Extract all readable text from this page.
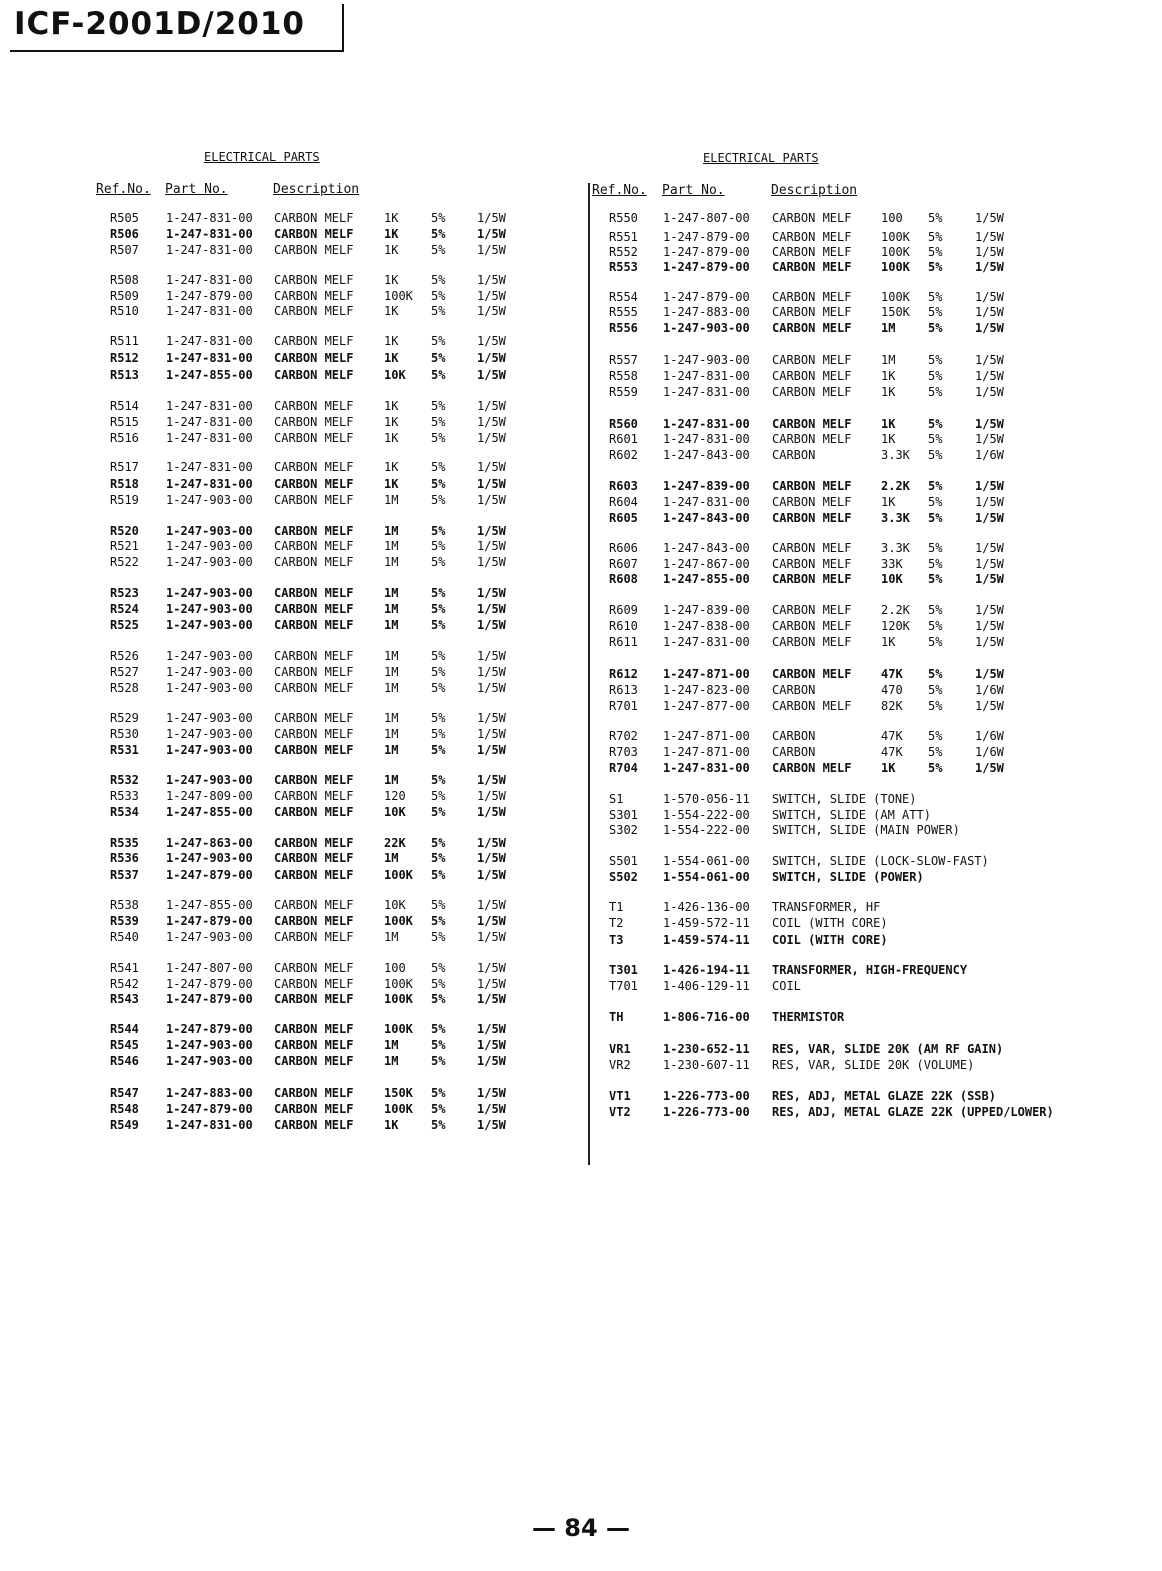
ICF-2001D/2010
ELECTRICAL PARTS
Ref.No. Part No.	Description
R505 1-247-831-00 CARBON MELF	1K	5%	1/5W
R506 1-247-831-00 CARBON MELF	1K	5%	1/5W
R507 1-247-831-00 CARBON MELF	1K	5%	1/5W
R508 1-247-831-00 CARBON MELF	1K	5%	1/5W
R509 1-247-879-00 CARBON MELF	100K 5%	1/5W
R510 1-247-831-00 CARBON MELF	1K	5%	1/5W
R511 1-247-831-00 CARBON MELF	1K	5%	1/5W
R512 1-247-831-00 CARBON MELF	1K	5%	1/5W
R513 1-247-855-00 CARBON MELF	10K 5%	1/5W
R514 1-247-831-00 CARBON MELF	1K	5%	1/5W
R515 1-247-831-00 CARBON MELF	1K	5%	1/5W
R516 1-247-831-00 CARBON MELF	1K	5%	1/5W
R517 1-247-831-00 CARBON MELF	1K	5%	1/5W
R518 1-247-831-00 CARBON MELF	1K	5%	1/5W
R519 1-247-903-00 CARBON MELF	1M	5%	1/5W
R520 1-247-903-00 CARBON MELF	1M	5%	1/5W
R521 1-247-903-00 CARBON MELF	1M	5%	1/5W
R522 1-247-903-00 CARBON MELF	1M	5%	1/5W
R523 1-247-903-00 CARBON MELF	1M	5%	1/5W
R524 1-247-903-00 CARBON MELF	1M	5%	1/5W
R525 1-247-903-00 CARBON MELF	1M	5%	1/5W
R526 1-247-903-00 CARBON MELF	1M	5%	1/5W
R527 1-247-903-00 CARBON MELF	1M	5%	1/5W
R528 1-247-903-00 CARBON MELF	1M	5%	1/5W
R529 1-247-903-00 CARBON MELF	1M	5%	1/5W
R530 1-247-903-00 CARBON MELF	1M	5%	1/5W
R531 1-247-903-00 CARBON MELF	1M	5%	1/5W
R532 1-247-903-00 CARBON MELF	1M	5%	1/5W
R533 1-247-809-00 CARBON MELF	120 5%	1/5W
R534 1-247-855-00 CARBON MELF	10K 5%	1/5W
R535 1-247-863-00 CARBON MELF	22K 5%	1/5W
R536 1-247-903-00 CARBON MELF	1M	5%	1/5W
R537 1-247-879-00 CARBON MELF	100K 5%	1/5W
R538 1-247-855-00 CARBON MELF	10K 5%	1/5W
R539 1-247-879-00 CARBON MELF	100K 5%	1/5W
R540 1-247-903-00 CARBON MELF	1M	5%	1/5W
R541 1-247-807-00 CARBON MELF	100 5%	1/5W
R542 1-247-879-00 CARBON MELF	100K 5%	1/5W
R543 1-247-879-00 CARBON MELF	100K 5%	1/5W
R544 1-247-879-00 CARBON MELF	100K 5%	1/5W
R545 1-247-903-00 CARBON MELF	1M	5%	1/5W
R546 1-247-903-00 CARBON MELF	1M	5%	1/5W
R547 1-247-883-00 CARBON MELF	150K 5%	1/5W
R548 1-247-879-00 CARBON MELF	100K 5%	1/5W
R549 1-247-831-00 CARBON MELF	1K	5%	1/5W
ELECTRICAL PARTS
Ref.No. Part No.	Description
R550 1-247-807-00 CARBON MELF 100 5%	1/5W
R551 1-247-879-00 CARBON MELF 100K 5%	1/5W
R552 1-247-879-00 CARBON MELF 100K 5%	1/5W
R553 1-247-879-00 CARBON MELF 100K 5%	1/5W
R554 1-247-879-00 CARBON MELF 100K 5%	1/5W
R555 1-247-883-00 CARBON MELF 150K 5%	1/5W
R556 1-247-903-00 CARBON MELF 1M	5%	1/5W
R557 1-247-903-00 CARBON MELF 1M	5%	1/5W
R558 1-247-831-00 CARBON MELF 1K	5%	1/5W
R559 1-247-831-00 CARBON MELF 1K	5%	1/5W
R560 1-247-831-00 CARBON MELF 1K	5%	1/5W
R601 1-247-831-00 CARBON MELF 1K	5%	1/5W
R602 1-247-843-00 CARBON	3.3K 5%	1/6W
R603 1-247-839-00 CARBON MELF 2.2K 5%	1/5W
R604 1-247-831-00 CARBON MELF 1K	5%	1/5W
R605 1-247-843-00 CARBON MELF 3.3K 5%	1/5W
R606 1-247-843-00 CARBON MELF 3.3K 5%	1/5W
R607 1-247-867-00 CARBON MELF 33K 5%	1/5W
R608 1-247-855-00 CARBON MELF 10K 5%	1/5W
R609 1-247-839-00 CARBON MELF 2.2K 5%	1/5W
R610 1-247-838-00 CARBON MELF 120K 5%	1/5W
R611 1-247-831-00 CARBON MELF 1K	5%	1/5W
R612 1-247-871-00 CARBON MELF 47K 5%	1/5W
R613 1-247-823-00 CARBON	470 5%	1/6W
R701 1-247-877-00 CARBON MELF 82K 5%	1/5W
R702 1-247-871-00 CARBON	47K 5%	1/6W
R703 1-247-871-00 CARBON	47K 5%	1/6W
R704 1-247-831-00 CARBON MELF 1K	5%	1/5W
S1	1-570-056-11 SWITCH, SLIDE (TONE)
S301 1-554-222-00 SWITCH, SLIDE (AM ATT)
S302 1-554-222-00 SWITCH, SLIDE (MAIN POWER)
S501 1-554-061-00 SWITCH, SLIDE (LOCK-SLOW-FAST)
S502 1-554-061-00 SWITCH, SLIDE (POWER)
T1	1-426-136-00 TRANSFORMER, HF
T2	1-459-572-11 COIL (WITH CORE)
T3	1-459-574-11 COIL (WITH CORE)
T301 1-426-194-11 TRANSFORMER, HIGH-FREQUENCY
T701 1-406-129-11 COIL
TH	1-806-716-00 THERMISTOR
VR1	1-230-652-11 RES, VAR, SLIDE 20K (AM RF GAIN)
VR2	1-230-607-11 RES, VAR, SLIDE 20K (VOLUME)
VT1	1-226-773-00 RES, ADJ, METAL GLAZE 22K (SSB)
VT2	1-226-773-00 RES, ADJ, METAL GLAZE 22K (UPPED/LOWER)
— 84 —
